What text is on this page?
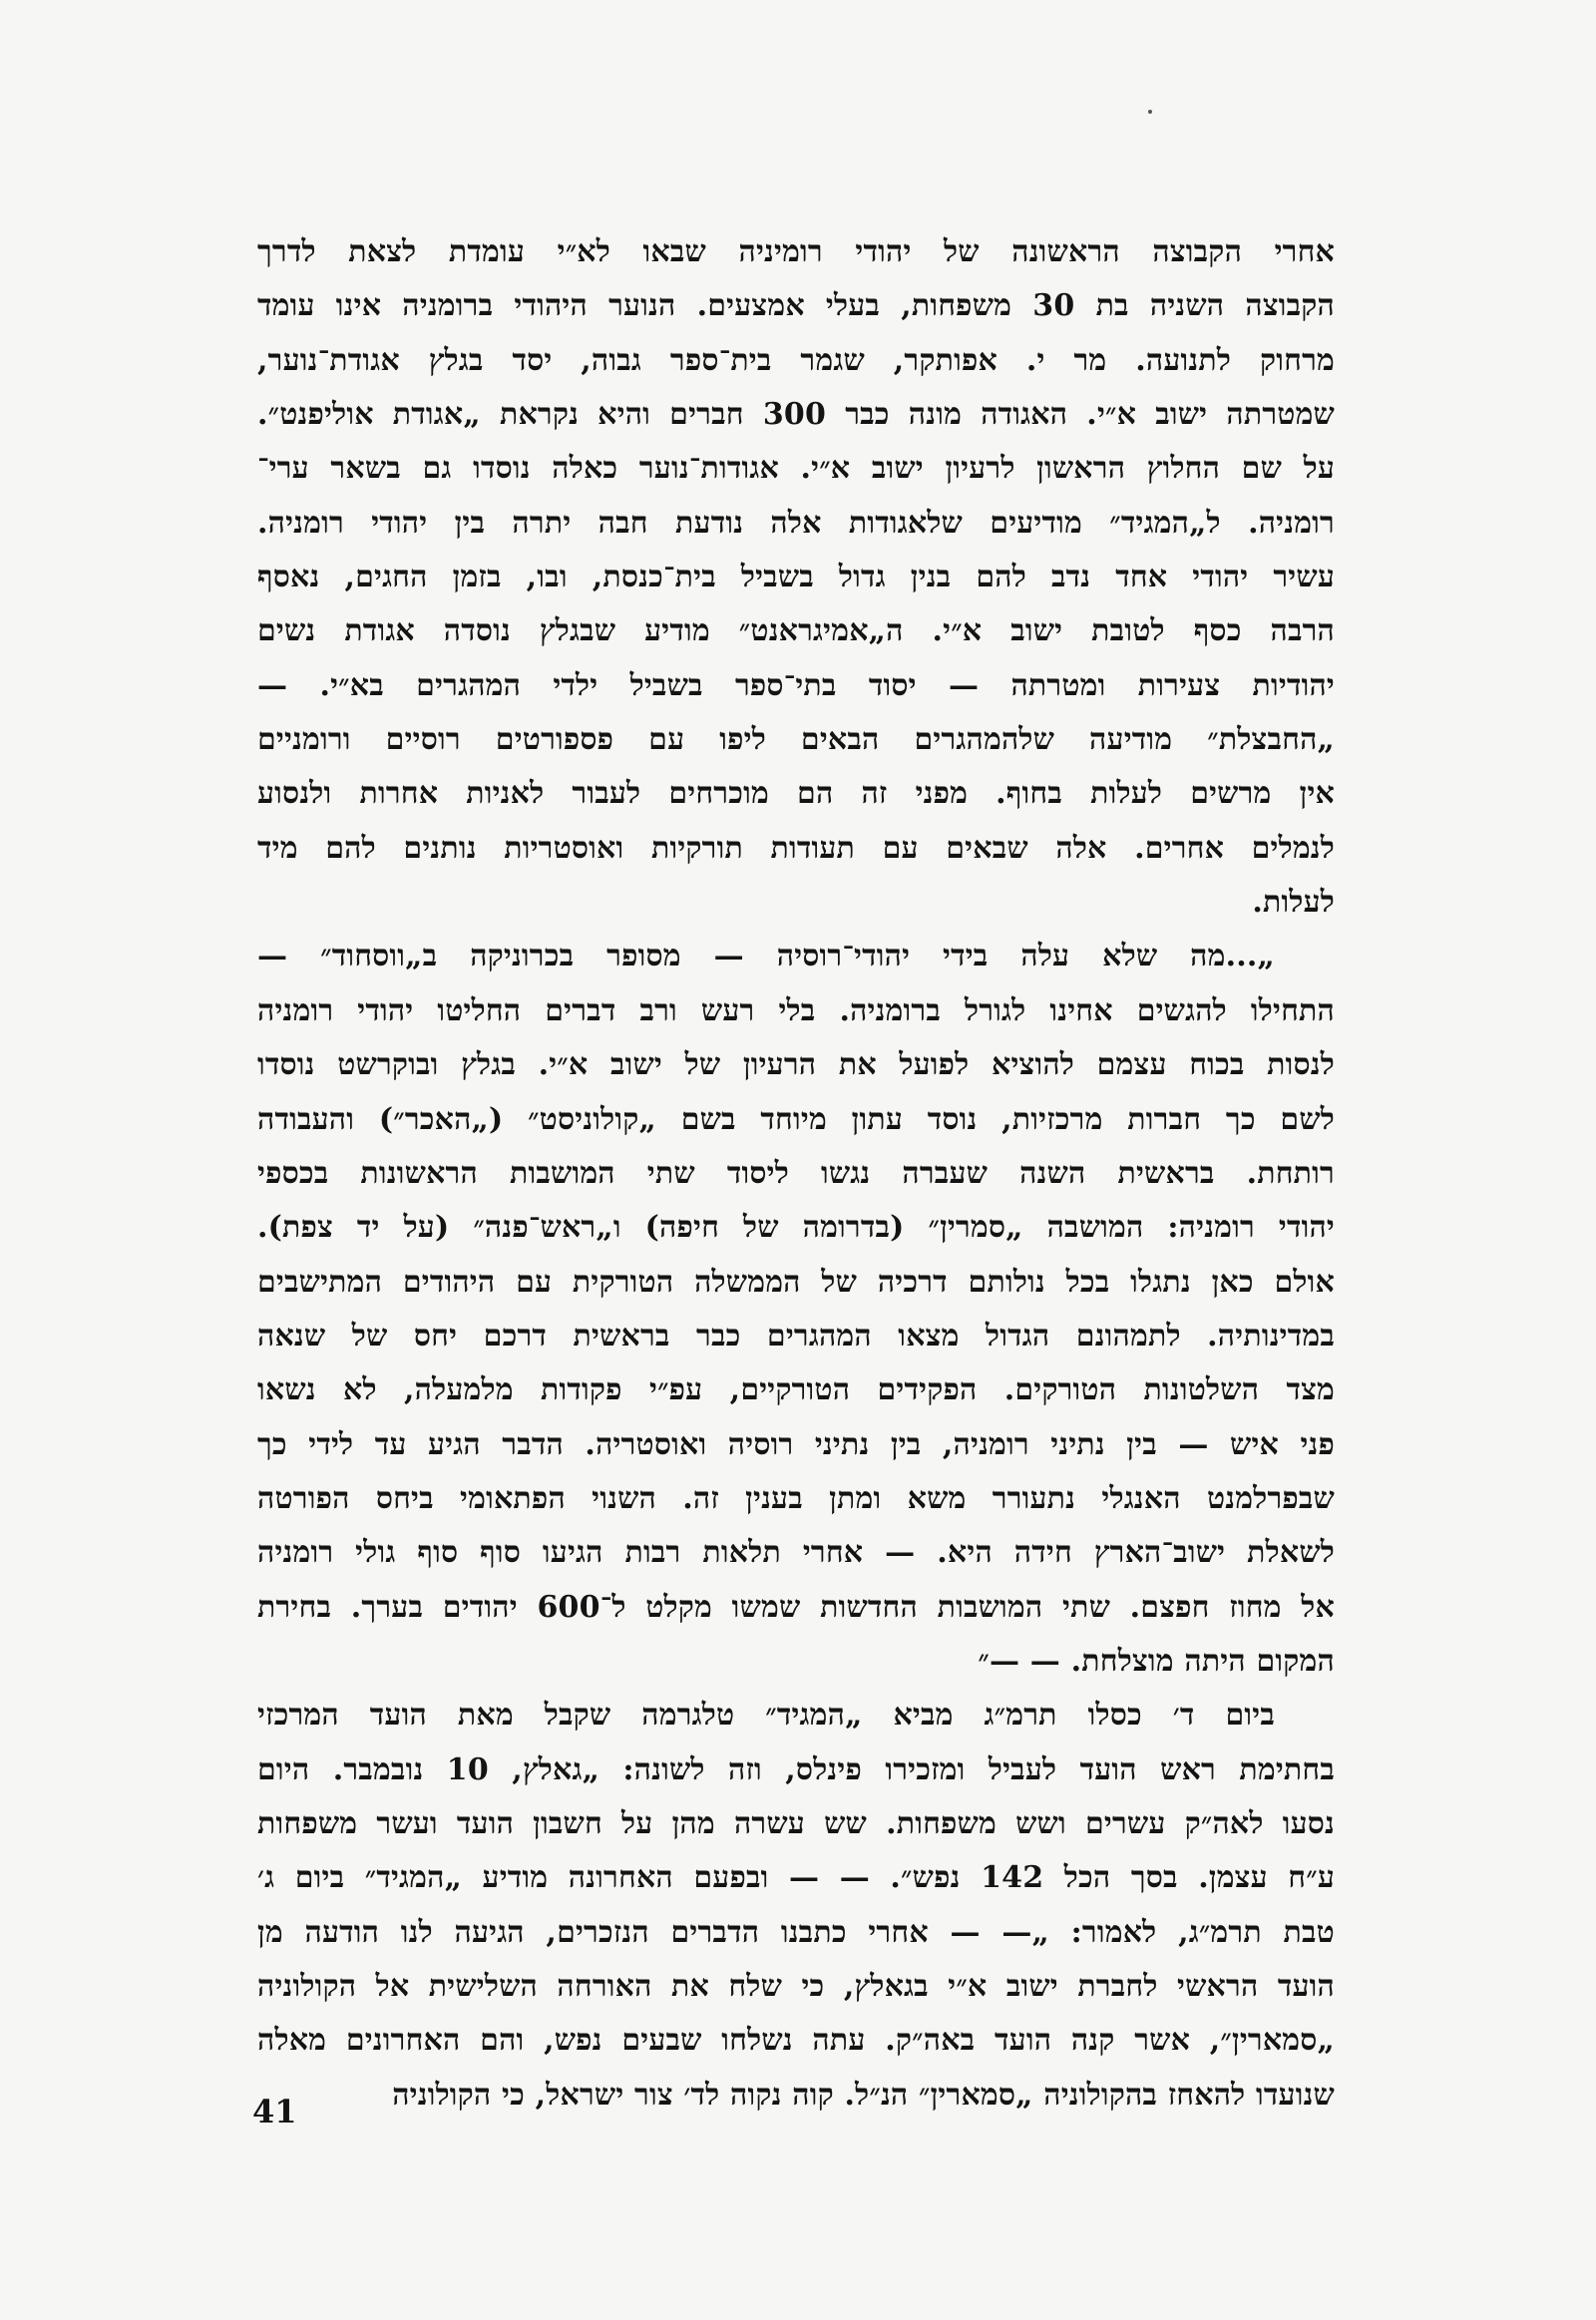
אחרי הקבוצה הראשונה של יהודי רומיניה שבאו לא״י עומדת לצאת לדרך
הקבוצה השניה בת 30 משפחות, בעלי אמצעים. הנוער היהודי ברומניה אינו עומד
מרחוק לתנועה. מר י. אפותקר, שגמר בית־ספר גבוה, יסד בגלץ אגודת־נוער,
שמטרתה ישוב א״י. האגודה מונה כבר 300 חברים והיא נקראת „אגודת אוליפנט״.
על שם החלוץ הראשון לרעיון ישוב א״י. אגודות־נוער כאלה נוסדו גם בשאר ערי־
רומניה. ל„המגיד״ מודיעים שלאגודות אלה נודעת חבה יתרה בין יהודי רומניה.
עשיר יהודי אחד נדב להם בנין גדול בשביל בית־כנסת, ובו, בזמן החגים, נאסף
הרבה כסף לטובת ישוב א״י. ה„אמיגראנט״ מודיע שבגלץ נוסדה אגודת נשים
יהודיות צעירות ומטרתה — יסוד בתי־ספר בשביל ילדי המהגרים בא״י. —
„החבצלת״ מודיעה שלהמהגרים הבאים ליפו עם פספורטים רוסיים ורומניים
אין מרשים לעלות בחוף. מפני זה הם מוכרחים לעבור לאניות אחרות ולנסוע
לנמלים אחרים. אלה שבאים עם תעודות תורקיות ואוסטריות נותנים להם מיד
לעלות.
„...מה שלא עלה בידי יהודי־רוסיה — מסופר בכרוניקה ב„ווסחוד״ —
התחילו להגשים אחינו לגורל ברומניה. בלי רעש ורב דברים החליטו יהודי רומניה
לנסות בכוח עצמם להוציא לפועל את הרעיון של ישוב א״י. בגלץ ובוקרשט נוסדו
לשם כך חברות מרכזיות, נוסד עתון מיוחד בשם „קולוניסט״ („האכר״) והעבודה
רותחת. בראשית השנה שעברה נגשו ליסוד שתי המושבות הראשונות בכספי
יהודי רומניה: המושבה „סמרין״ (בדרומה של חיפה) ו„ראש־פנה״ (על יד צפת).
אולם כאן נתגלו בכל נולותם דרכיה של הממשלה הטורקית עם היהודים המתישבים
במדינותיה. לתמהונם הגדול מצאו המהגרים כבר בראשית דרכם יחס של שנאה
מצד השלטונות הטורקים. הפקידים הטורקיים, עפ״י פקודות מלמעלה, לא נשאו
פני איש — בין נתיני רומניה, בין נתיני רוסיה ואוסטריה. הדבר הגיע עד לידי כך
שבפרלמנט האנגלי נתעורר משא ומתן בענין זה. השנוי הפתאומי ביחס הפורטה
לשאלת ישוב־הארץ חידה היא. — אחרי תלאות רבות הגיעו סוף סוף גולי רומניה
אל מחוז חפצם. שתי המושבות החדשות שמשו מקלט ל־600 יהודים בערך. בחירת
המקום היתה מוצלחת. — —״
ביום ד׳ כסלו תרמ״ג מביא „המגיד״ טלגרמה שקבל מאת הועד המרכזי
בחתימת ראש הועד לעביל ומזכירו פינלס, וזה לשונה: „גאלץ, 10 נובמבר. היום
נסעו לאה״ק עשרים ושש משפחות. שש עשרה מהן על חשבון הועד ועשר משפחות
ע״ח עצמן. בסך הכל 142 נפש״. — — ובפעם האחרונה מודיע „המגיד״ ביום ג׳
טבת תרמ״ג, לאמור: „— — אחרי כתבנו הדברים הנזכרים, הגיעה לנו הודעה מן
הועד הראשי לחברת ישוב א״י בגאלץ, כי שלח את האורחה השלישית אל הקולוניה
„סמארין״, אשר קנה הועד באה״ק. עתה נשלחו שבעים נפש, והם האחרונים מאלה
שנועדו להאחז בהקולוניה „סמארין״ הנ״ל. קוה נקוה לד׳ צור ישראל, כי הקולוניה
41
